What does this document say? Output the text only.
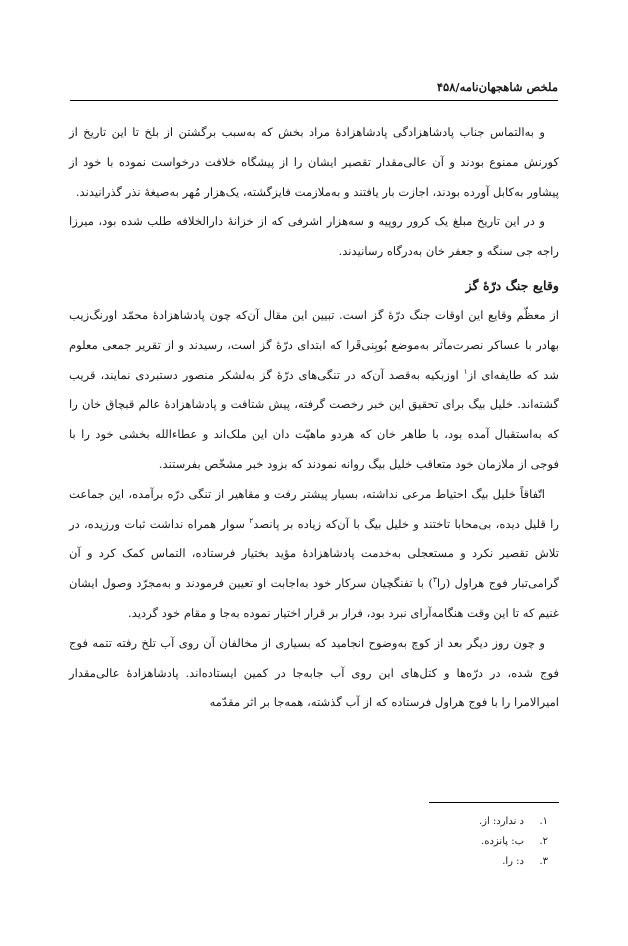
ملخص شاهجهان‌نامه/۴۵۸

و به‌التماس جناب پادشاهزادگی پادشاهزادهٔ مراد بخش که به‌سبب برگشتن از بلخ تا این تاریخ از کورنش ممنوع بودند و آن عالی‌مقدار تقصیر ایشان را از پیشگاه خلافت درخواست نموده با خود از پیشاور به‌کابل آورده بودند، اجازت بار یافتند و به‌ملازمت فایزگشته، یک‌هزار مُهر به‌صیغهٔ نذر گذرانیدند.

و در این تاریخ مبلغ یک کرور روپیه و سه‌هزار اشرفی که از خزانهٔ دارالخلافه طلب شده بود، میرزا راجه جی سنگه و جعفر خان به‌درگاه رسانیدند.

وقایع جنگ درّهٔ گز

از معظّم وقایع این اوقات جنگ درّهٔ گز است. تبیین این مقال آن‌که چون پادشاهزادهٔ محمّد اورنگ‌زیب بهادر با عساکر نصرت‌مآثر به‌موضع بُوبِنی‌قَرا که ابتدای درّهٔ گز است، رسیدند و از تقریر جمعی معلوم شد که طایفه‌ای از$^۱$ اوزبکیه به‌قصد آن‌که در تنگی‌های درّهٔ گز به‌لشکر منصور دستبردی نمایند، قریب گشته‌اند. خلیل بیگ برای تحقیق این خبر رخصت گرفته، پیش شتافت و پادشاهزادهٔ عالم قبچاق خان را که به‌استقبال آمده بود، با طاهر خان که هردو ماهیّت دان این ملک‌اند و عطاءالله بخشی خود را با فوجی از ملازمان خود متعاقب خلیل بیگ روانه نمودند که بزود خبر مشخّص بفرستند.

اتّفاقاً خلیل بیگ احتیاط مرعی نداشته، بسیار پیشتر رفت و مقاهیر از تنگی درّه برآمده، این جماعت را قلیل دیده، بی‌محابا تاختند و خلیل بیگ با آن‌که زیاده بر پانصد$^۲$ سوار همراه نداشت ثبات ورزیده، در تلاش تقصیر نکرد و مستعجلی به‌خدمت پادشاهزادهٔ مؤید بختیار فرستاده، التماس کمک کرد و آن گرامی‌تبار فوج هراول (را$^۳$) با تفنگچیان سرکار خود به‌اجابت او تعیین فرمودند و به‌مجرّد وصول ایشان غنیم که تا این وقت هنگامه‌آرای نبرد بود، فرار بر قرار اختیار نموده به‌جا و مقام خود گردید.

و چون روز دیگر بعد از کوچ به‌وضوح انجامید که بسیاری از مخالفان آن روی آب تلخ رفته تتمه فوج فوج شده، در درّه‌ها و کتل‌های این روی آب جابه‌جا در کمین ایستاده‌اند. پادشاهزادهٔ عالی‌مقدار امیرالامرا را با فوج هراول فرستاده که از آب گذشته، همه‌جا بر اثر مقدّمه

۱.
د ندارد: از.
۲.
ب: پانزده.
۳.
د: را.
